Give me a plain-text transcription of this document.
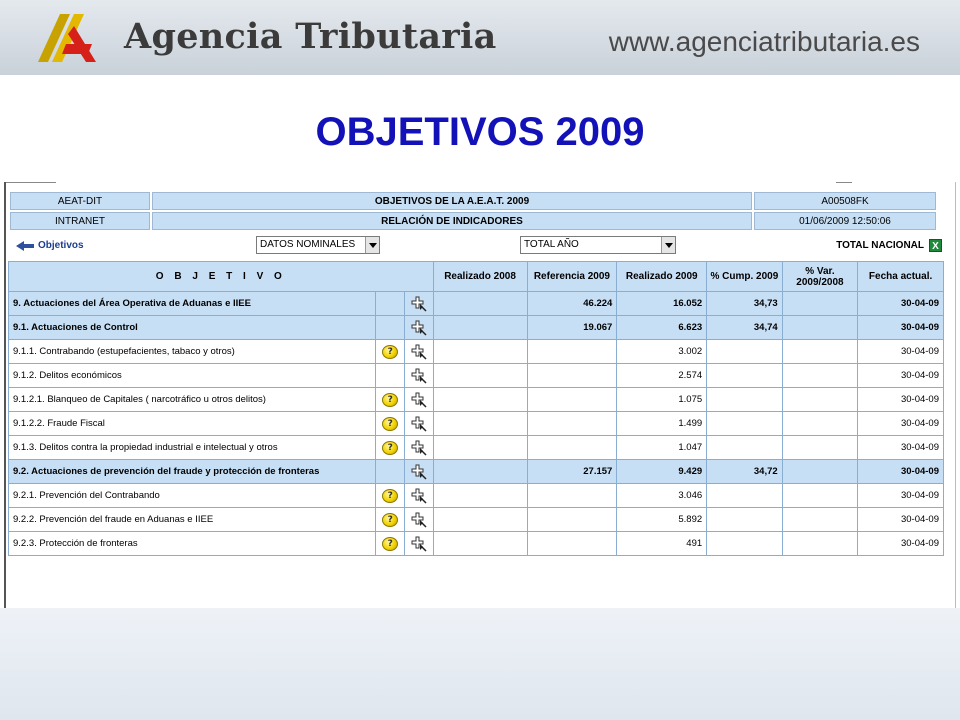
Agencia Tributaria	www.agenciatributaria.es
OBJETIVOS 2009
AEAT-DIT	OBJETIVOS DE LA A.E.A.T. 2009	A00508FK
INTRANET	RELACIÓN DE INDICADORES	01/06/2009 12:50:06
Objetivos	DATOS NOMINALES	TOTAL AÑO	TOTAL NACIONAL X
O B J E T I V O			Realizado 2008	Referencia 2009	Realizado 2009	% Cump. 2009	% Var. 2009/2008	Fecha actual.
9. Actuaciones del Área Operativa de Aduanas e IIEE				46.224	16.052	34,73		30-04-09
9.1. Actuaciones de Control				19.067	6.623	34,74		30-04-09
9.1.1. Contrabando (estupefacientes, tabaco y otros)	?				3.002			30-04-09
9.1.2. Delitos económicos					2.574			30-04-09
9.1.2.1. Blanqueo de Capitales ( narcotráfico u otros delitos)	?				1.075			30-04-09
9.1.2.2. Fraude Fiscal	?				1.499			30-04-09
9.1.3. Delitos contra la propiedad industrial e intelectual y otros	?				1.047			30-04-09
9.2. Actuaciones de prevención del fraude y protección de fronteras				27.157	9.429	34,72		30-04-09
9.2.1. Prevención del Contrabando	?				3.046			30-04-09
9.2.2. Prevención del fraude en Aduanas e IIEE	?				5.892			30-04-09
9.2.3. Protección de fronteras	?				491			30-04-09
